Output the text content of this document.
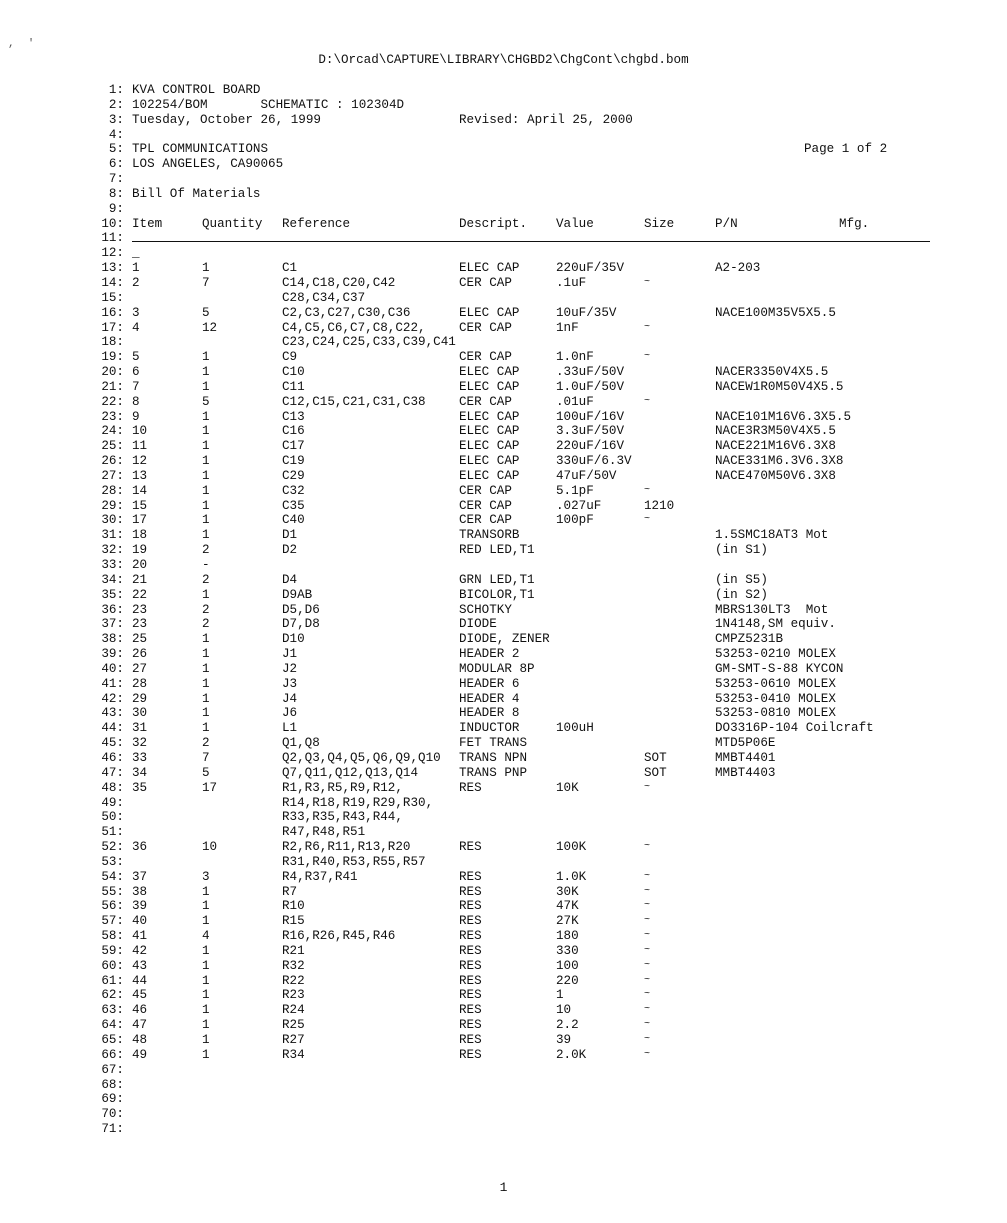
,  ′
D:\Orcad\CAPTURE\LIBRARY\CHGBD2\ChgCont\chgbd.bom
1: KVA CONTROL BOARD
2: 102254/BOM       SCHEMATIC : 102304D
3: Tuesday, October 26, 1999	Revised: April 25, 2000
4:
5: TPL COMMUNICATIONS	Page 1 of 2
6: LOS ANGELES, CA90065
7:
8: Bill Of Materials
9:
10: Item	Quantity Reference	Descript. Value	Size	P/N	Mfg.
11:
12: _
13: 1	1	C1	ELEC CAP	220uF/35V	A2-203
14: 2	7	C14,C18,C20,C42	CER CAP	.1uF	~
15:	C28,C34,C37
16: 3	5	C2,C3,C27,C30,C36	ELEC CAP	10uF/35V	NACE100M35V5X5.5
17: 4	12	C4,C5,C6,C7,C8,C22,	CER CAP	1nF	~
18:	C23,C24,C25,C33,C39,C41
19: 5	1	C9	CER CAP	1.0nF	~
20: 6	1	C10	ELEC CAP	.33uF/50V	NACER3350V4X5.5
21: 7	1	C11	ELEC CAP	1.0uF/50V	NACEW1R0M50V4X5.5
22: 8	5	C12,C15,C21,C31,C38	CER CAP	.01uF	~
23: 9	1	C13	ELEC CAP	100uF/16V	NACE101M16V6.3X5.5
24: 10	1	C16	ELEC CAP	3.3uF/50V	NACE3R3M50V4X5.5
25: 11	1	C17	ELEC CAP	220uF/16V	NACE221M16V6.3X8
26: 12	1	C19	ELEC CAP	330uF/6.3V	NACE331M6.3V6.3X8
27: 13	1	C29	ELEC CAP	47uF/50V	NACE470M50V6.3X8
28: 14	1	C32	CER CAP	5.1pF	~
29: 15	1	C35	CER CAP	.027uF	1210
30: 17	1	C40	CER CAP	100pF	~
31: 18	1	D1	TRANSORB	1.5SMC18AT3 Mot
32: 19	2	D2	RED LED,T1	(in S1)
33: 20	-
34: 21	2	D4	GRN LED,T1	(in S5)
35: 22	1	D9AB	BICOLOR,T1	(in S2)
36: 23	2	D5,D6	SCHOTKY	MBRS130LT3  Mot
37: 23	2	D7,D8	DIODE	1N4148,SM equiv.
38: 25	1	D10	DIODE, ZENER	CMPZ5231B
39: 26	1	J1	HEADER 2	53253-0210 MOLEX
40: 27	1	J2	MODULAR 8P	GM-SMT-S-88 KYCON
41: 28	1	J3	HEADER 6	53253-0610 MOLEX
42: 29	1	J4	HEADER 4	53253-0410 MOLEX
43: 30	1	J6	HEADER 8	53253-0810 MOLEX
44: 31	1	L1	INDUCTOR	100uH	DO3316P-104 Coilcraft
45: 32	2	Q1,Q8	FET TRANS	MTD5P06E
46: 33	7	Q2,Q3,Q4,Q5,Q6,Q9,Q10 TRANS NPN	SOT	MMBT4401
47: 34	5	Q7,Q11,Q12,Q13,Q14	TRANS PNP	SOT	MMBT4403
48: 35	17	R1,R3,R5,R9,R12,	RES	10K	~
49:	R14,R18,R19,R29,R30,
50:	R33,R35,R43,R44,
51:	R47,R48,R51
52: 36	10	R2,R6,R11,R13,R20	RES	100K	~
53:	R31,R40,R53,R55,R57
54: 37	3	R4,R37,R41	RES	1.0K	~
55: 38	1	R7	RES	30K	~
56: 39	1	R10	RES	47K	~
57: 40	1	R15	RES	27K	~
58: 41	4	R16,R26,R45,R46	RES	180	~
59: 42	1	R21	RES	330	~
60: 43	1	R32	RES	100	~
61: 44	1	R22	RES	220	~
62: 45	1	R23	RES	1	~
63: 46	1	R24	RES	10	~
64: 47	1	R25	RES	2.2	~
65: 48	1	R27	RES	39	~
66: 49	1	R34	RES	2.0K	~
67:
68:
69:
70:
71:
1
